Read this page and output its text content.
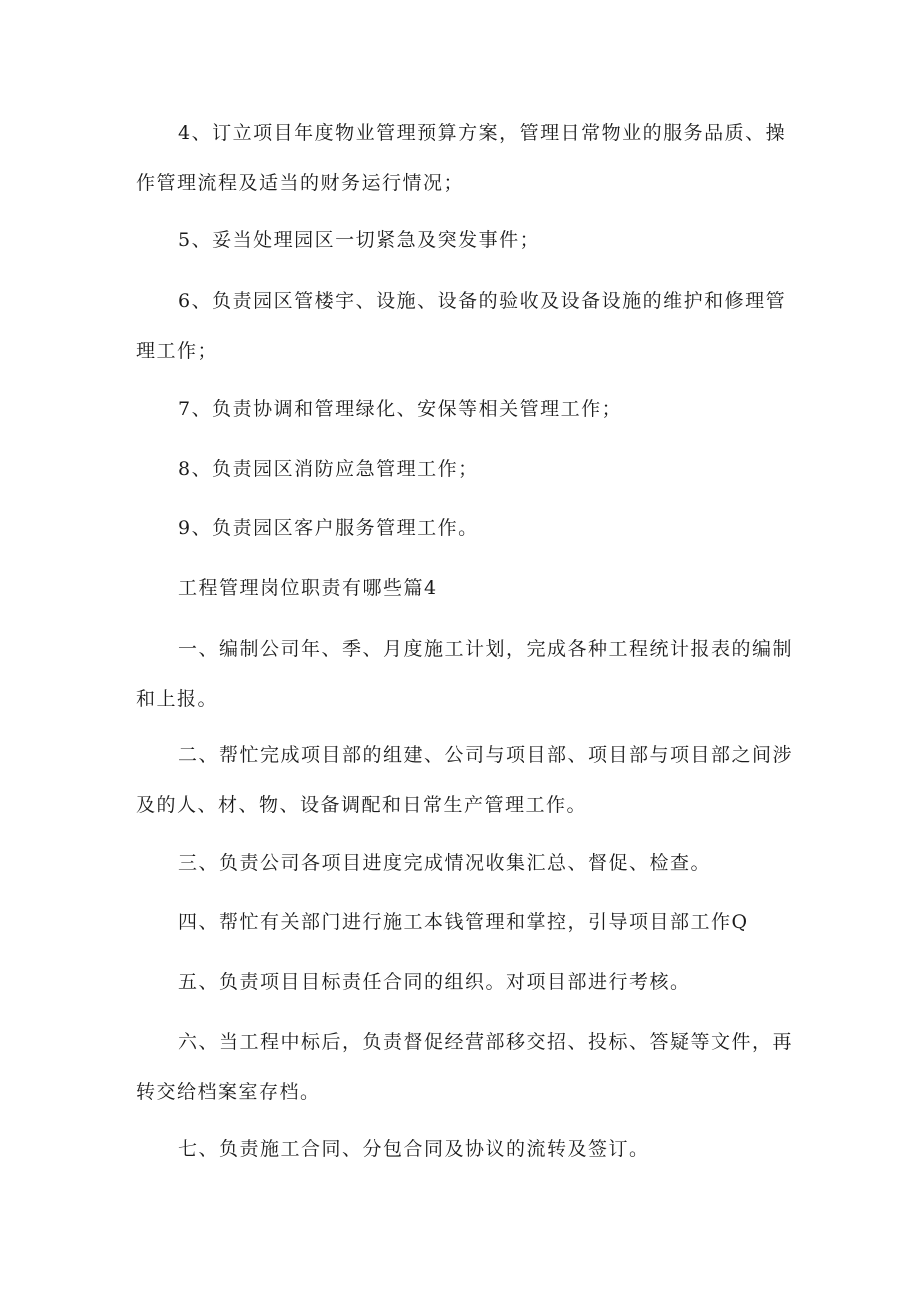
4、订立项目年度物业管理预算方案，管理日常物业的服务品质、操
作管理流程及适当的财务运行情况；

5、妥当处理园区一切紧急及突发事件；

6、负责园区管楼宇、设施、设备的验收及设备设施的维护和修理管
理工作；

7、负责协调和管理绿化、安保等相关管理工作；

8、负责园区消防应急管理工作；

9、负责园区客户服务管理工作。

工程管理岗位职责有哪些篇4

一、编制公司年、季、月度施工计划，完成各种工程统计报表的编制
和上报。

二、帮忙完成项目部的组建、公司与项目部、项目部与项目部之间涉
及的人、材、物、设备调配和日常生产管理工作。

三、负责公司各项目进度完成情况收集汇总、督促、检查。

四、帮忙有关部门进行施工本钱管理和掌控，引导项目部工作Q

五、负责项目目标责任合同的组织。对项目部进行考核。

六、当工程中标后，负责督促经营部移交招、投标、答疑等文件，再
转交给档案室存档。

七、负责施工合同、分包合同及协议的流转及签订。
